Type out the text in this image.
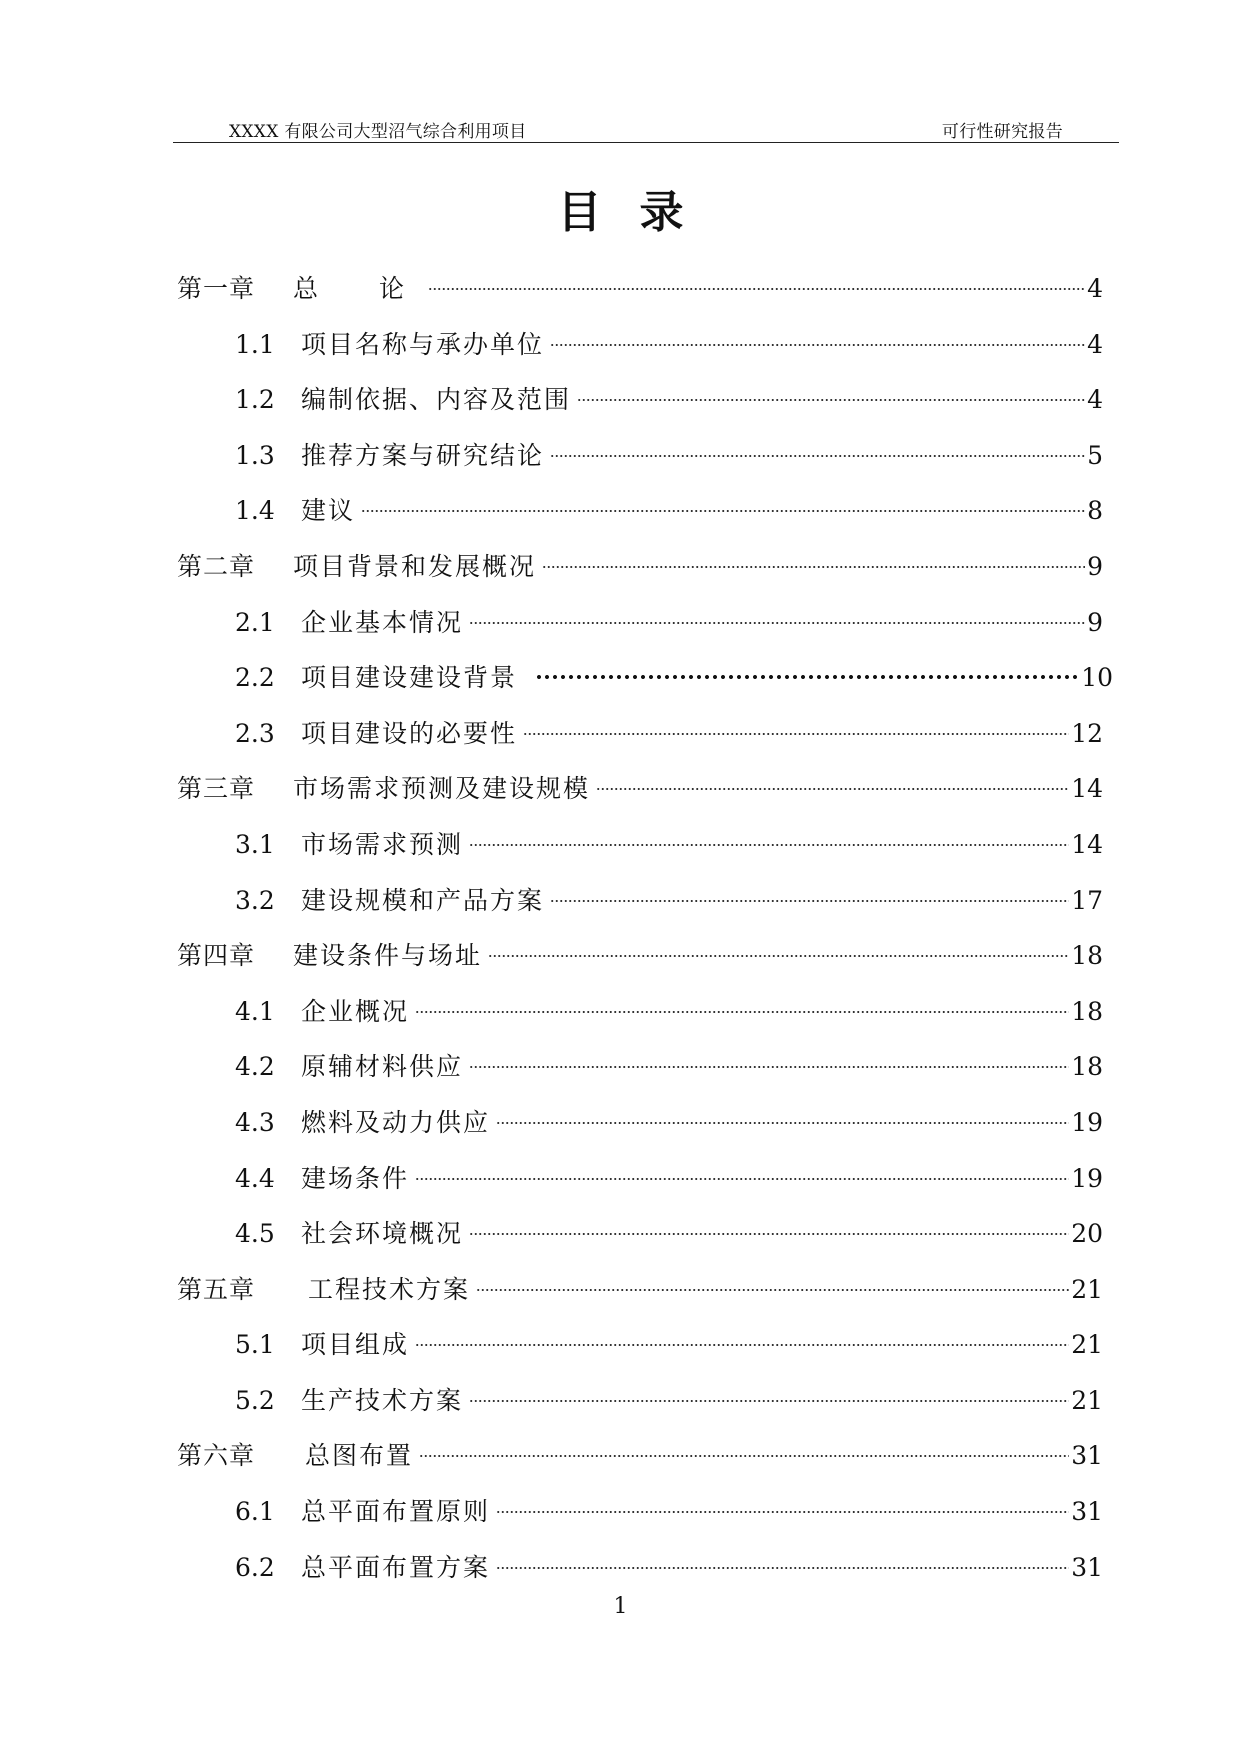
XXXX 有限公司大型沼气综合利用项目	可行性研究报告
目录
第一章	总　论	4
1.1	项目名称与承办单位	4
1.2	编制依据、内容及范围	4
1.3	推荐方案与研究结论	5
1.4	建议	8
第二章	项目背景和发展概况	9
2.1	企业基本情况	9
2.2	项目建设建设背景	10
2.3	项目建设的必要性	12
第三章	市场需求预测及建设规模	14
3.1	市场需求预测	14
3.2	建设规模和产品方案	17
第四章	建设条件与场址	18
4.1	企业概况	18
4.2	原辅材料供应	18
4.3	燃料及动力供应	19
4.4	建场条件	19
4.5	社会环境概况	20
第五章	工程技术方案	21
5.1	项目组成	21
5.2	生产技术方案	21
第六章	总图布置	31
6.1	总平面布置原则	31
6.2	总平面布置方案	31
1
